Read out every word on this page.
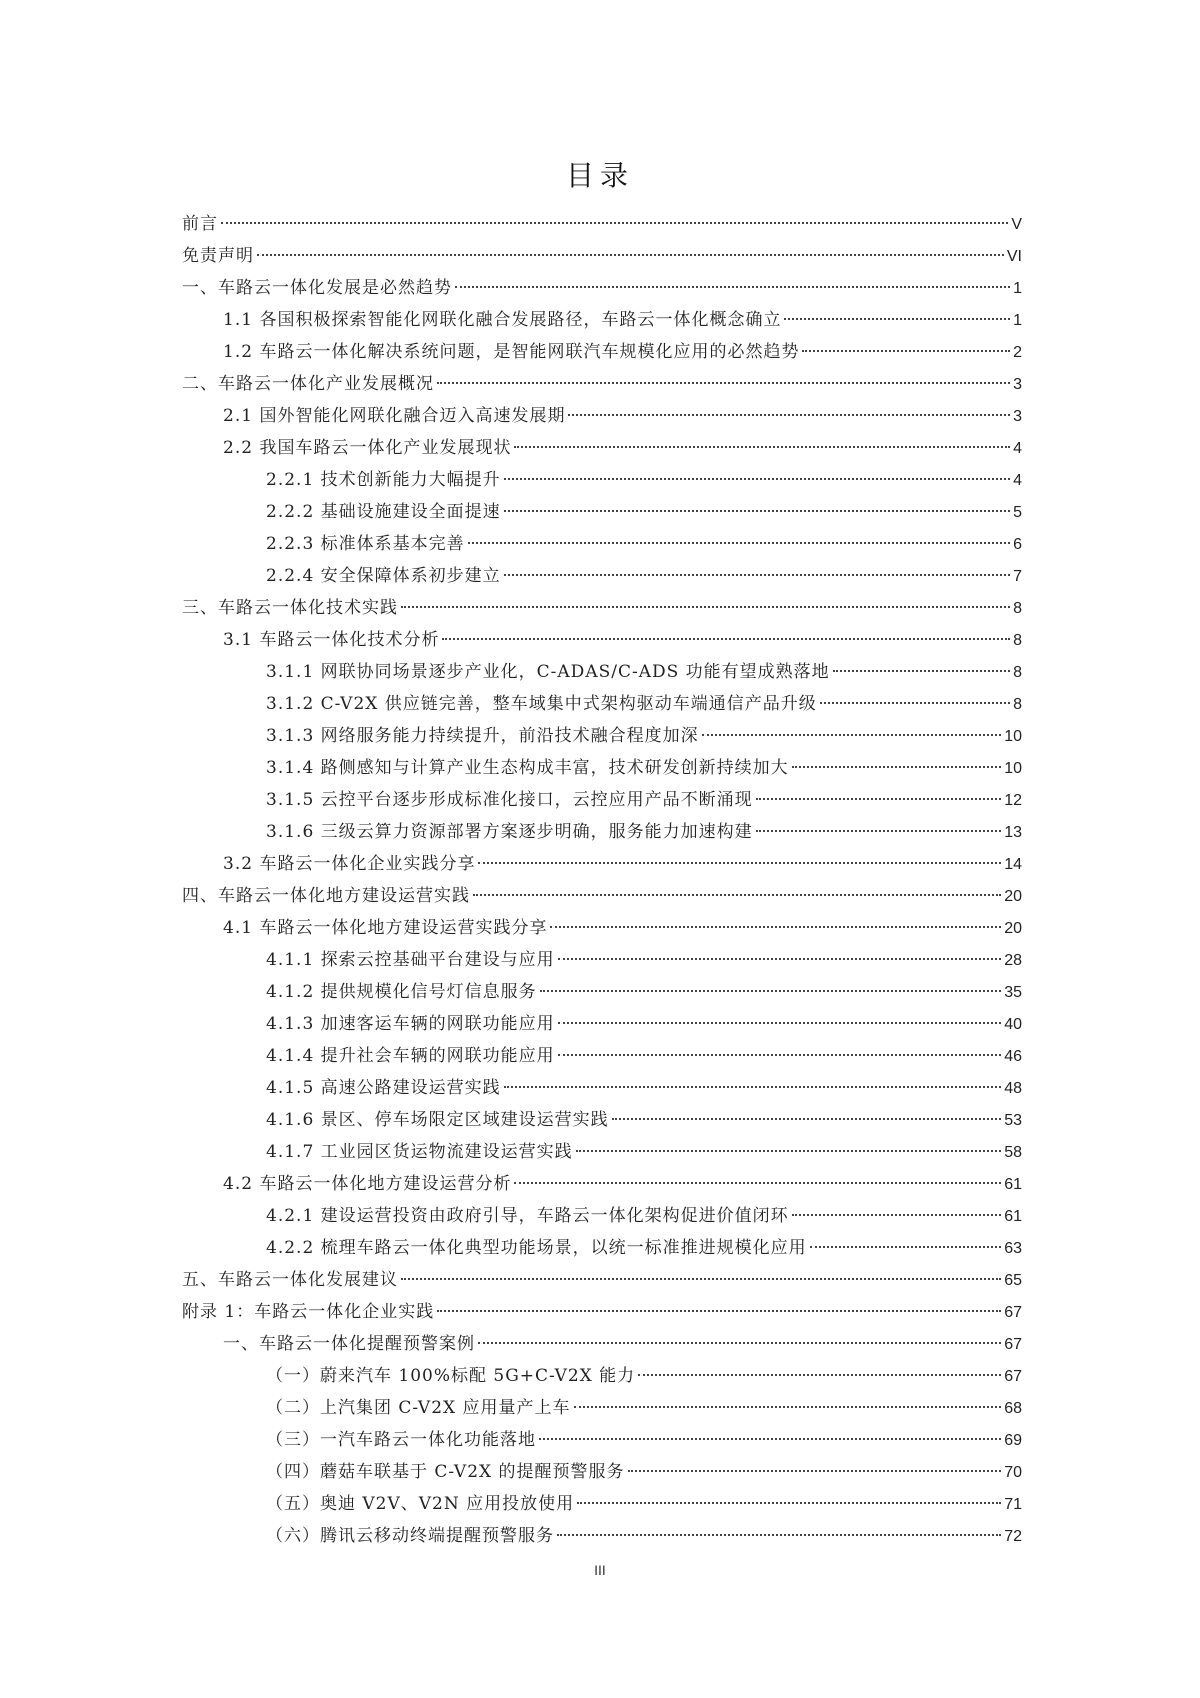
目录
前言	V
免责声明	VI
一、车路云一体化发展是必然趋势	1
1.1 各国积极探索智能化网联化融合发展路径，车路云一体化概念确立	1
1.2 车路云一体化解决系统问题，是智能网联汽车规模化应用的必然趋势	2
二、车路云一体化产业发展概况	3
2.1 国外智能化网联化融合迈入高速发展期	3
2.2 我国车路云一体化产业发展现状	4
2.2.1 技术创新能力大幅提升	4
2.2.2 基础设施建设全面提速	5
2.2.3 标准体系基本完善	6
2.2.4 安全保障体系初步建立	7
三、车路云一体化技术实践	8
3.1 车路云一体化技术分析	8
3.1.1 网联协同场景逐步产业化，C-ADAS/C-ADS 功能有望成熟落地	8
3.1.2 C-V2X 供应链完善，整车域集中式架构驱动车端通信产品升级	8
3.1.3 网络服务能力持续提升，前沿技术融合程度加深	10
3.1.4 路侧感知与计算产业生态构成丰富，技术研发创新持续加大	10
3.1.5 云控平台逐步形成标准化接口，云控应用产品不断涌现	12
3.1.6 三级云算力资源部署方案逐步明确，服务能力加速构建	13
3.2 车路云一体化企业实践分享	14
四、车路云一体化地方建设运营实践	20
4.1 车路云一体化地方建设运营实践分享	20
4.1.1 探索云控基础平台建设与应用	28
4.1.2 提供规模化信号灯信息服务	35
4.1.3 加速客运车辆的网联功能应用	40
4.1.4 提升社会车辆的网联功能应用	46
4.1.5 高速公路建设运营实践	48
4.1.6 景区、停车场限定区域建设运营实践	53
4.1.7 工业园区货运物流建设运营实践	58
4.2 车路云一体化地方建设运营分析	61
4.2.1 建设运营投资由政府引导，车路云一体化架构促进价值闭环	61
4.2.2 梳理车路云一体化典型功能场景，以统一标准推进规模化应用	63
五、车路云一体化发展建议	65
附录 1：车路云一体化企业实践	67
一、车路云一体化提醒预警案例	67
（一）蔚来汽车 100%标配 5G+C-V2X 能力	67
（二）上汽集团 C-V2X 应用量产上车	68
（三）一汽车路云一体化功能落地	69
（四）蘑菇车联基于 C-V2X 的提醒预警服务	70
（五）奥迪 V2V、V2N 应用投放使用	71
（六）腾讯云移动终端提醒预警服务	72
III
